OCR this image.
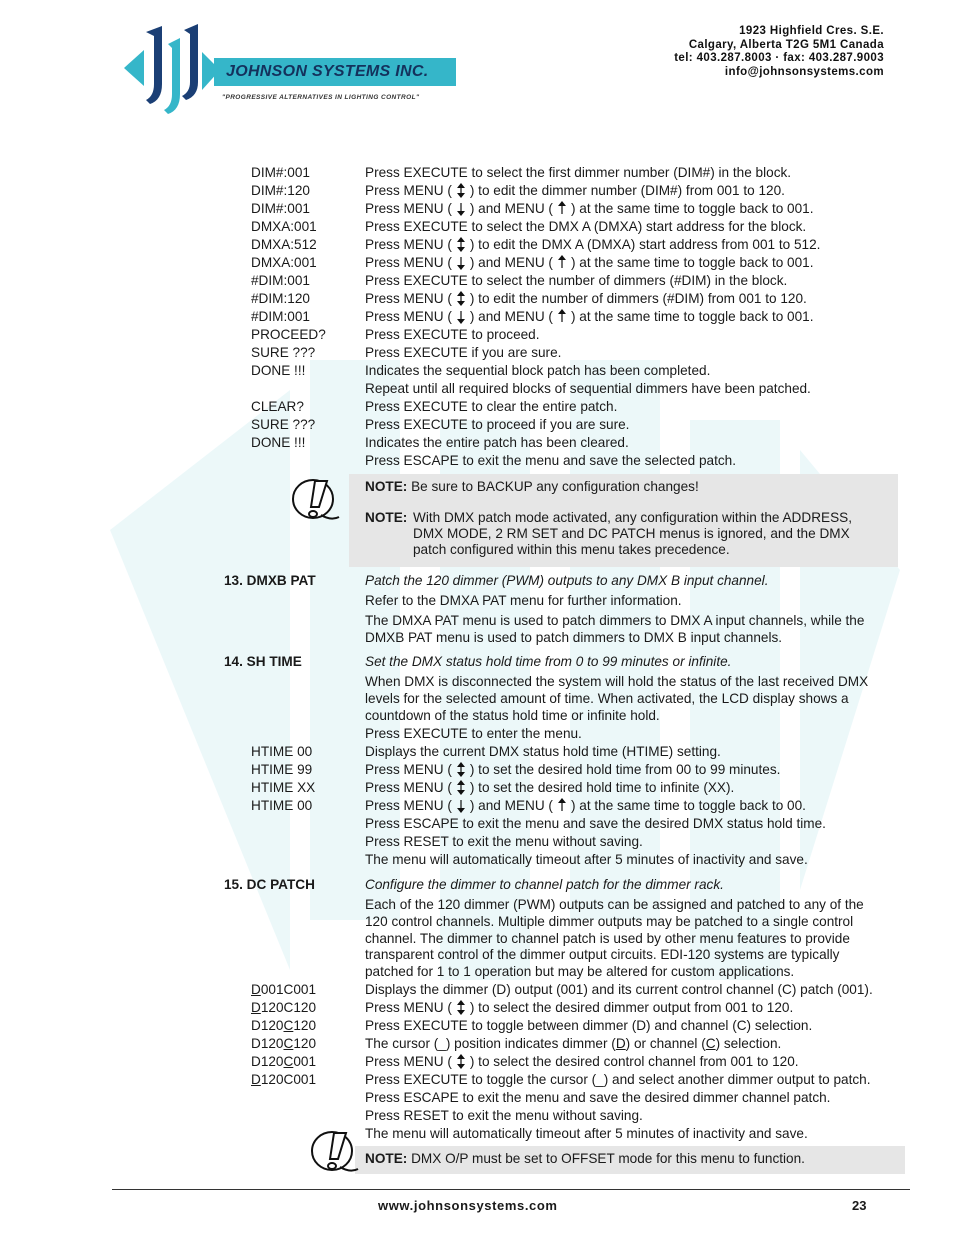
JOHNSON SYSTEMS INC.
"PROGRESSIVE ALTERNATIVES IN LIGHTING CONTROL"
1923 Highfield Cres. S.E.
Calgary, Alberta T2G 5M1 Canada
tel: 403.287.8003 · fax: 403.287.9003
info@johnsonsystems.com
DIM#:001	Press EXECUTE to select the first dimmer number (DIM#) in the block.
DIM#:120	Press MENU ( ) to edit the dimmer number (DIM#) from 001 to 120.
DIM#:001	Press MENU ( ) and MENU ( ) at the same time to toggle back to 001.
DMXA:001	Press EXECUTE to select the DMX A (DMXA) start address for the block.
DMXA:512	Press MENU ( ) to edit the DMX A (DMXA) start address from 001 to 512.
DMXA:001	Press MENU ( ) and MENU ( ) at the same time to toggle back to 001.
#DIM:001	Press EXECUTE to select the number of dimmers (#DIM) in the block.
#DIM:120	Press MENU ( ) to edit the number of dimmers (#DIM) from 001 to 120.
#DIM:001	Press MENU ( ) and MENU ( ) at the same time to toggle back to 001.
PROCEED?	Press EXECUTE to proceed.
SURE ???	Press EXECUTE if you are sure.
DONE !!!	Indicates the sequential block patch has been completed.
Repeat until all required blocks of sequential dimmers have been patched.
CLEAR?	Press EXECUTE to clear the entire patch.
SURE ???	Press EXECUTE to proceed if you are sure.
DONE !!!	Indicates the entire patch has been cleared.
Press ESCAPE to exit the menu and save the selected patch.
NOTE: Be sure to BACKUP any configuration changes!
NOTE: With DMX patch mode activated, any configuration within the ADDRESS,
DMX MODE, 2 RM SET and DC PATCH menus is ignored, and the DMX
patch configured within this menu takes precedence.
13. DMXB PAT	Patch the 120 dimmer (PWM) outputs to any DMX B input channel.
Refer to the DMXA PAT menu for further information.
The DMXA PAT menu is used to patch dimmers to DMX A input channels, while the
DMXB PAT menu is used to patch dimmers to DMX B input channels.
14. SH TIME	Set the DMX status hold time from 0 to 99 minutes or infinite.
When DMX is disconnected the system will hold the status of the last received DMX
levels for the selected amount of time. When activated, the LCD display shows a
countdown of the status hold time or infinite hold.
Press EXECUTE to enter the menu.
HTIME 00	Displays the current DMX status hold time (HTIME) setting.
HTIME 99	Press MENU ( ) to set the desired hold time from 00 to 99 minutes.
HTIME XX	Press MENU ( ) to set the desired hold time to infinite (XX).
HTIME 00	Press MENU ( ) and MENU ( ) at the same time to toggle back to 00.
Press ESCAPE to exit the menu and save the desired DMX status hold time.
Press RESET to exit the menu without saving.
The menu will automatically timeout after 5 minutes of inactivity and save.
15. DC PATCH	Configure the dimmer to channel patch for the dimmer rack.
Each of the 120 dimmer (PWM) outputs can be assigned and patched to any of the
120 control channels. Multiple dimmer outputs may be patched to a single control
channel. The dimmer to channel patch is used by other menu features to provide
transparent control of the dimmer output circuits. EDI-120 systems are typically
patched for 1 to 1 operation but may be altered for custom applications.
D001C001	Displays the dimmer (D) output (001) and its current control channel (C) patch (001).
D120C120	Press MENU ( ) to select the desired dimmer output from 001 to 120.
D120C120	Press EXECUTE to toggle between dimmer (D) and channel (C) selection.
D120C120	The cursor (_) position indicates dimmer (D) or channel (C) selection.
D120C001	Press MENU ( ) to select the desired control channel from 001 to 120.
D120C001	Press EXECUTE to toggle the cursor (_) and select another dimmer output to patch.
Press ESCAPE to exit the menu and save the desired dimmer channel patch.
Press RESET to exit the menu without saving.
The menu will automatically timeout after 5 minutes of inactivity and save.
NOTE: DMX O/P must be set to OFFSET mode for this menu to function.
www.johnsonsystems.com	23
